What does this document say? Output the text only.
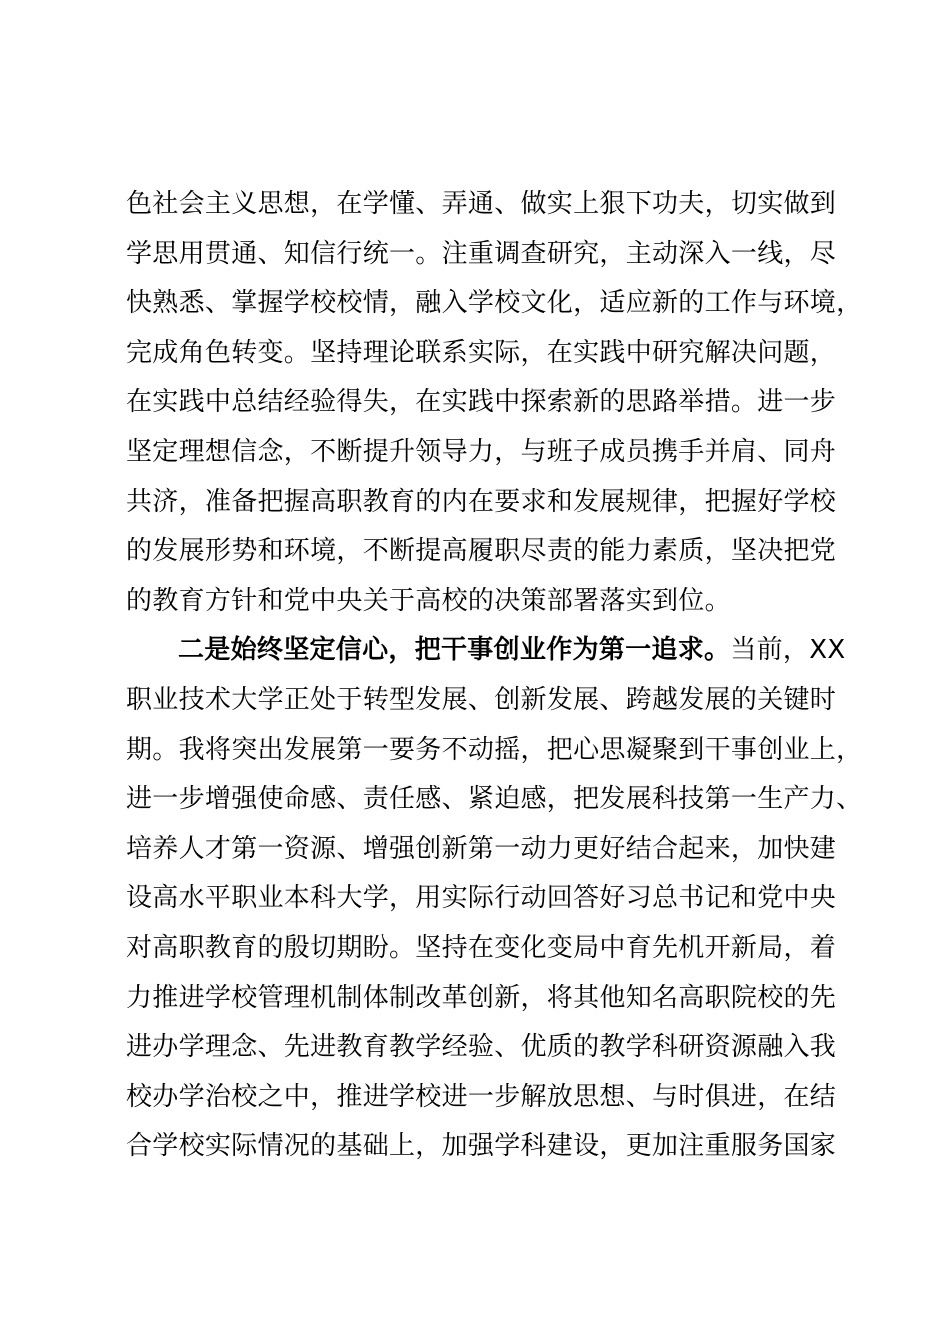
色社会主义思想，在学懂、弄通、做实上狠下功夫，切实做到
学思用贯通、知信行统一。注重调查研究，主动深入一线，尽
快熟悉、掌握学校校情，融入学校文化，适应新的工作与环境，
完成角色转变。坚持理论联系实际，在实践中研究解决问题，
在实践中总结经验得失，在实践中探索新的思路举措。进一步
坚定理想信念，不断提升领导力，与班子成员携手并肩、同舟
共济，准备把握高职教育的内在要求和发展规律，把握好学校
的发展形势和环境，不断提高履职尽责的能力素质，坚决把党
的教育方针和党中央关于高校的决策部署落实到位。
二是始终坚定信心，把干事创业作为第一追求。当前，XX
职业技术大学正处于转型发展、创新发展、跨越发展的关键时
期。我将突出发展第一要务不动摇，把心思凝聚到干事创业上，
进一步增强使命感、责任感、紧迫感，把发展科技第一生产力、
培养人才第一资源、增强创新第一动力更好结合起来，加快建
设高水平职业本科大学，用实际行动回答好习总书记和党中央
对高职教育的殷切期盼。坚持在变化变局中育先机开新局，着
力推进学校管理机制体制改革创新，将其他知名高职院校的先
进办学理念、先进教育教学经验、优质的教学科研资源融入我
校办学治校之中，推进学校进一步解放思想、与时俱进，在结
合学校实际情况的基础上，加强学科建设，更加注重服务国家
